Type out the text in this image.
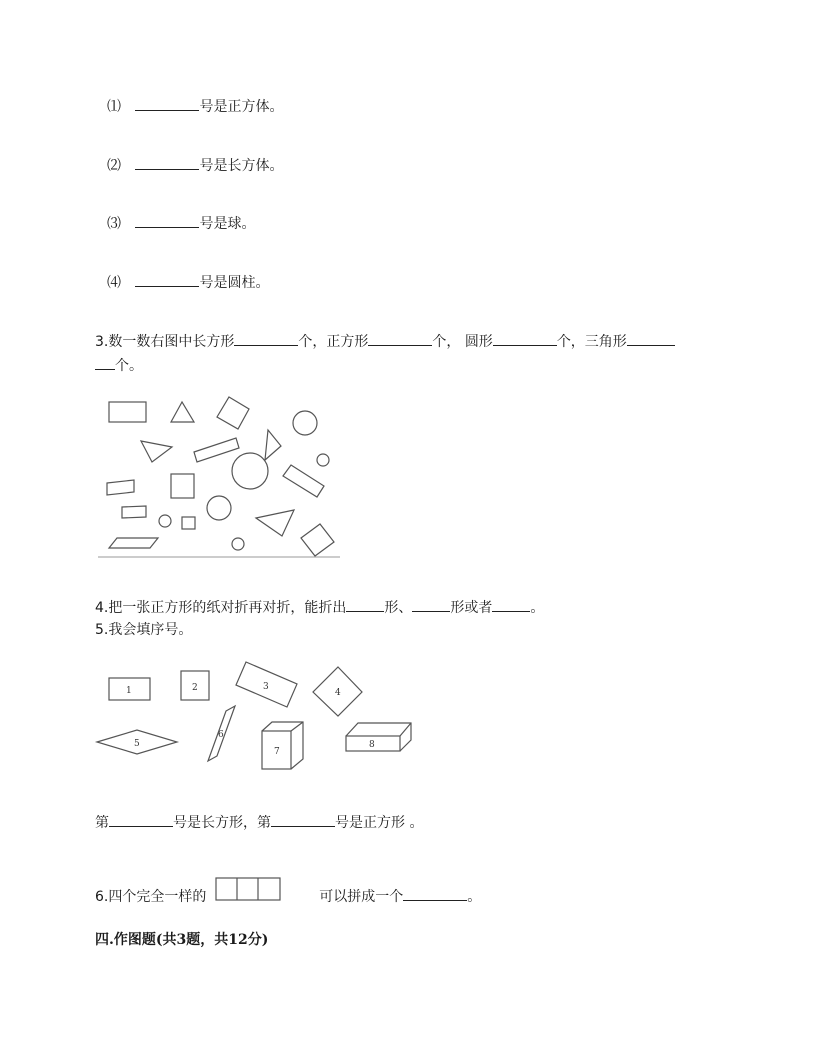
⑴	号是正方体。
⑵	号是长方体。
⑶	号是球。
⑷	号是圆柱。
3.数一数右图中长方形	个，正方形	个， 圆形	个，三角形
个。
4.把一张正方形的纸对折再对折，能折出	形、	形或者	。
5.我会填序号。
1	2	3
4
5
6
7
8
第	号是长方形，第	号是正方形 。
6.四个完全一样的	可以拼成一个	。
四.作图题(共3题，共12分)
